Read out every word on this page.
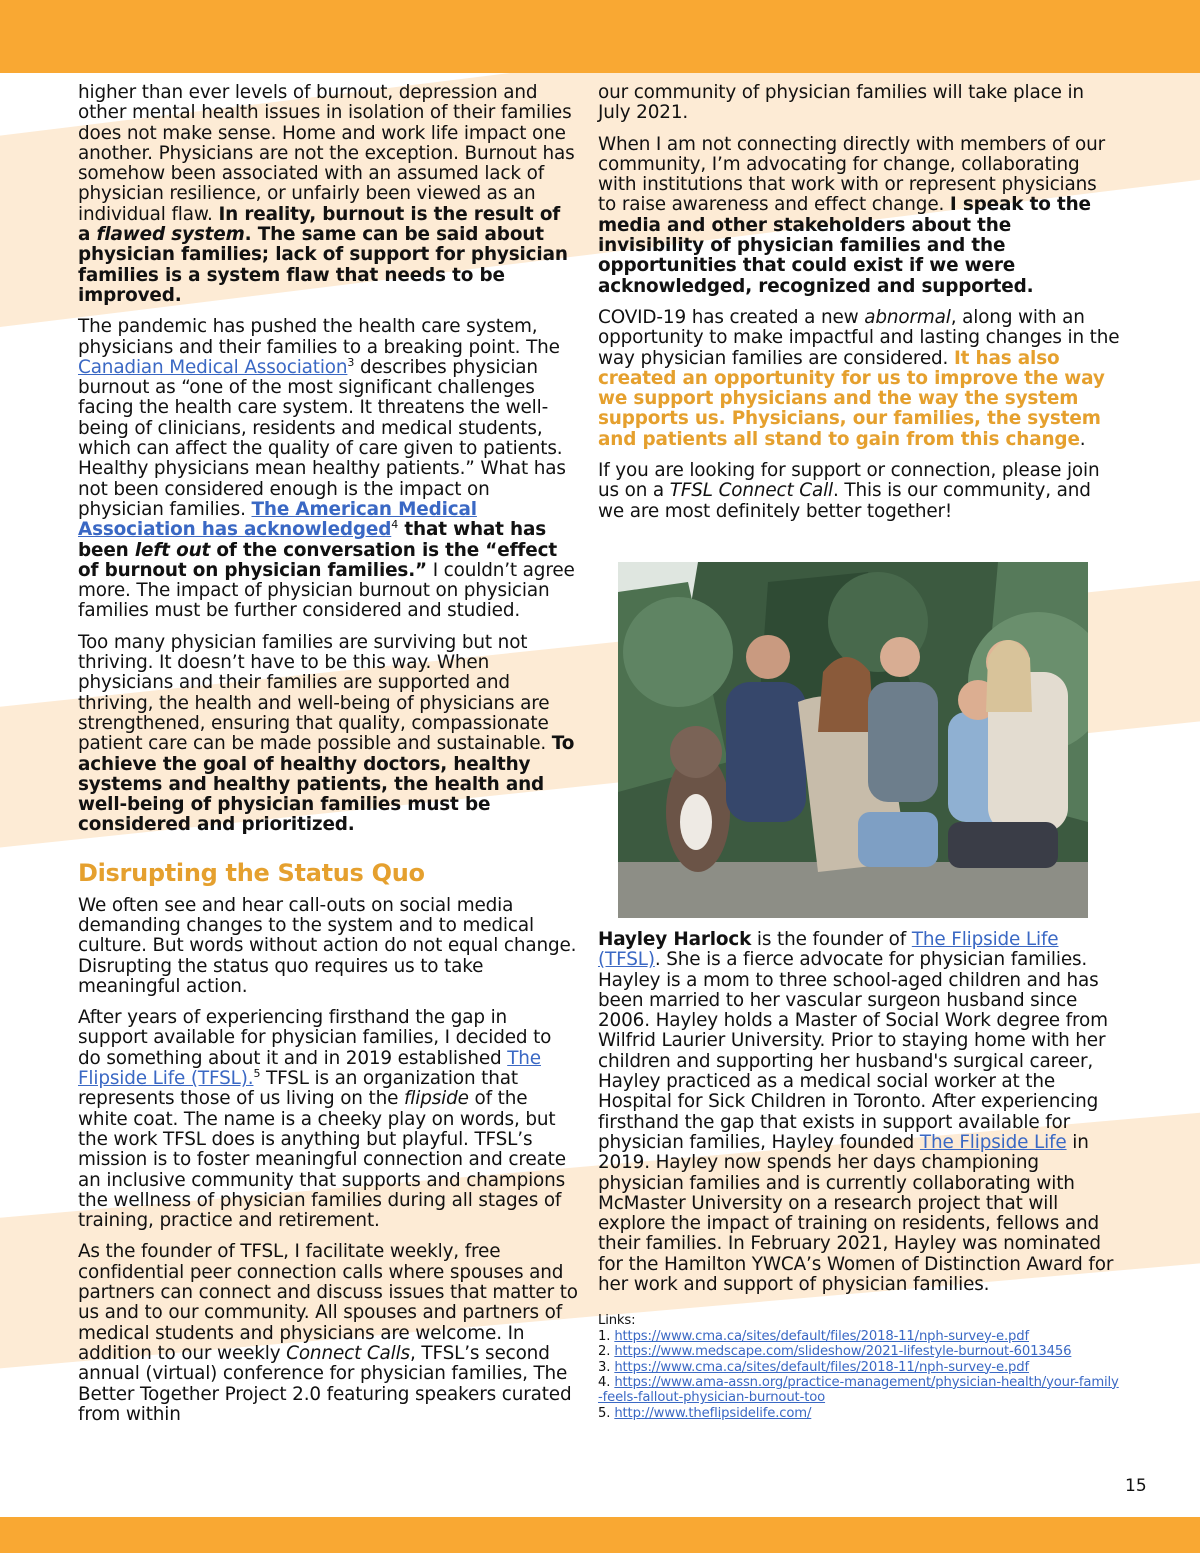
higher than ever levels of burnout, depression and other mental health issues in isolation of their families does not make sense. Home and work life impact one another. Physicians are not the exception. Burnout has somehow been associated with an assumed lack of physician resilience, or unfairly been viewed as an individual flaw. In reality, burnout is the result of a flawed system. The same can be said about physician families; lack of support for physician families is a system flaw that needs to be improved.

The pandemic has pushed the health care system, physicians and their families to a breaking point. The Canadian Medical Association$^3$ describes physician burnout as “one of the most significant challenges facing the health care system. It threatens the well-being of clinicians, residents and medical students, which can affect the quality of care given to patients. Healthy physicians mean healthy patients.” What has not been considered enough is the impact on physician families. The American Medical Association has acknowledged$^4$ that what has been left out of the conversation is the “effect of burnout on physician families.” I couldn’t agree more. The impact of physician burnout on physician families must be further considered and studied.

Too many physician families are surviving but not thriving. It doesn’t have to be this way. When physicians and their families are supported and thriving, the health and well-being of physicians are strengthened, ensuring that quality, compassionate patient care can be made possible and sustainable. To achieve the goal of healthy doctors, healthy systems and healthy patients, the health and well-being of physician families must be considered and prioritized.

Disrupting the Status Quo

We often see and hear call-outs on social media demanding changes to the system and to medical culture. But words without action do not equal change. Disrupting the status quo requires us to take meaningful action.

After years of experiencing firsthand the gap in support available for physician families, I decided to do something about it and in 2019 established The Flipside Life (TFSL).$^5$ TFSL is an organization that represents those of us living on the flipside of the white coat. The name is a cheeky play on words, but the work TFSL does is anything but playful. TFSL’s mission is to foster meaningful connection and create an inclusive community that supports and champions the wellness of physician families during all stages of training, practice and retirement.

As the founder of TFSL, I facilitate weekly, free confidential peer connection calls where spouses and partners can connect and discuss issues that matter to us and to our community. All spouses and partners of medical students and physicians are welcome. In addition to our weekly Connect Calls, TFSL’s second annual (virtual) conference for physician families, The Better Together Project 2.0 featuring speakers curated from within

our community of physician families will take place in July 2021.

When I am not connecting directly with members of our community, I’m advocating for change, collaborating with institutions that work with or represent physicians to raise awareness and effect change. I speak to the media and other stakeholders about the invisibility of physician families and the opportunities that could exist if we were acknowledged, recognized and supported.

COVID-19 has created a new abnormal, along with an opportunity to make impactful and lasting changes in the way physician families are considered. It has also created an opportunity for us to improve the way we support physicians and the way the system supports us. Physicians, our families, the system and patients all stand to gain from this change.

If you are looking for support or connection, please join us on a TFSL Connect Call. This is our community, and we are most definitely better together!

Hayley Harlock is the founder of The Flipside Life (TFSL). She is a fierce advocate for physician families. Hayley is a mom to three school-aged children and has been married to her vascular surgeon husband since 2006. Hayley holds a Master of Social Work degree from Wilfrid Laurier University. Prior to staying home with her children and supporting her husband's surgical career, Hayley practiced as a medical social worker at the Hospital for Sick Children in Toronto. After experiencing firsthand the gap that exists in support available for physician families, Hayley founded The Flipside Life in 2019. Hayley now spends her days championing physician families and is currently collaborating with McMaster University on a research project that will explore the impact of training on residents, fellows and their families. In February 2021, Hayley was nominated for the Hamilton YWCA’s Women of Distinction Award for her work and support of physician families.

Links:
1. https://www.cma.ca/sites/default/files/2018-11/nph-survey-e.pdf
2. https://www.medscape.com/slideshow/2021-lifestyle-burnout-6013456
3. https://www.cma.ca/sites/default/files/2018-11/nph-survey-e.pdf
4. https://www.ama-assn.org/practice-management/physician-health/your-family-feels-fallout-physician-burnout-too
5. http://www.theflipsidelife.com/
15
